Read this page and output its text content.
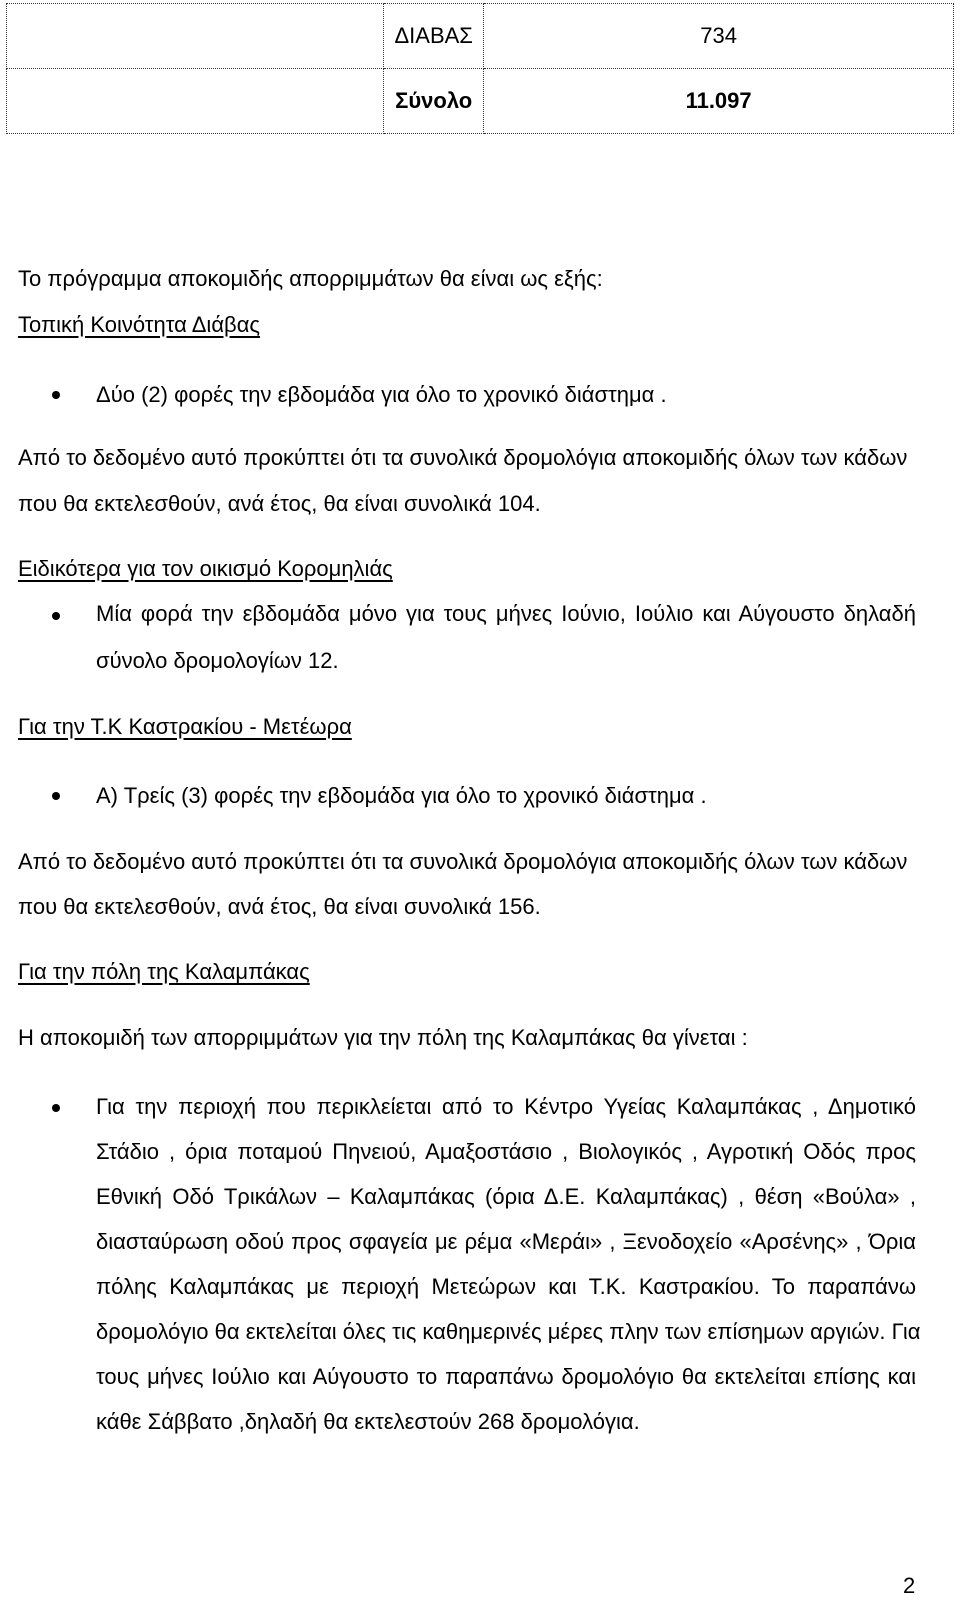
	ΔΙΑΒΑΣ	734
	Σύνολο	11.097
Το πρόγραμμα αποκομιδής απορριμμάτων θα είναι ως εξής:
Τοπική Κοινότητα Διάβας
Δύο (2) φορές την εβδομάδα για όλο το χρονικό διάστημα .
Από το δεδομένο αυτό προκύπτει ότι τα συνολικά δρομολόγια αποκομιδής όλων των κάδων
που θα εκτελεσθούν, ανά έτος, θα είναι συνολικά 104.
Ειδικότερα για τον οικισμό Κορομηλιάς
Μία φορά την εβδομάδα μόνο για τους μήνες Ιούνιο, Ιούλιο και Αύγουστο δηλαδή
σύνολο δρομολογίων 12.
Για την Τ.Κ Καστρακίου - Μετέωρα
Α) Τρείς (3) φορές την εβδομάδα για όλο το χρονικό διάστημα .
Από το δεδομένο αυτό προκύπτει ότι τα συνολικά δρομολόγια αποκομιδής όλων των κάδων
που θα εκτελεσθούν, ανά έτος, θα είναι συνολικά 156.
Για την πόλη της Καλαμπάκας
Η αποκομιδή των απορριμμάτων για την πόλη της Καλαμπάκας θα γίνεται :
Για την περιοχή που περικλείεται από το Κέντρο Υγείας Καλαμπάκας , Δημοτικό
Στάδιο , όρια ποταμού Πηνειού, Αμαξοστάσιο , Βιολογικός , Αγροτική Οδός προς
Εθνική Οδό Τρικάλων – Καλαμπάκας (όρια Δ.Ε. Καλαμπάκας) , θέση «Βούλα» ,
διασταύρωση οδού προς σφαγεία με ρέμα «Μεράι» , Ξενοδοχείο «Αρσένης» , Όρια
πόλης Καλαμπάκας με περιοχή Μετεώρων και Τ.Κ. Καστρακίου. Το παραπάνω
δρομολόγιο θα εκτελείται όλες τις καθημερινές μέρες πλην των επίσημων αργιών. Για
τους μήνες Ιούλιο και Αύγουστο το παραπάνω δρομολόγιο θα εκτελείται επίσης και
κάθε Σάββατο ,δηλαδή θα εκτελεστούν 268 δρομολόγια.
2
